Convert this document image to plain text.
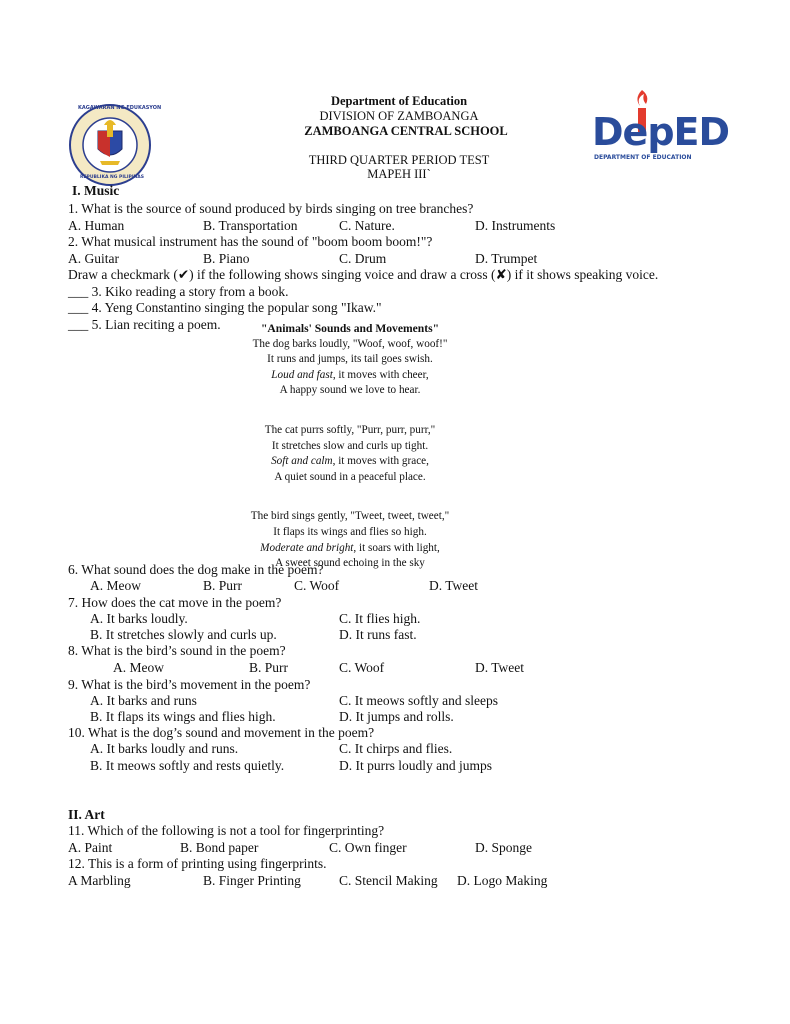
KAGAWARAN NG EDUKASYON
REPUBLIKA NG PILIPINAS
DepED
DEPARTMENT OF EDUCATION
Department of Education
DIVISION OF ZAMBOANGA
ZAMBOANGA CENTRAL SCHOOL
THIRD QUARTER PERIOD TEST
MAPEH III`
I. Music
1. What is the source of sound produced by birds singing on tree branches?
A. Human	B. Transportation	C. Nature.	D. Instruments
2. What musical instrument has the sound of "boom boom boom!"?
A. Guitar	B. Piano	C. Drum	D. Trumpet
Draw a checkmark (✔) if the following shows singing voice and draw a cross (✘) if it shows speaking voice.
___ 3. Kiko reading a story from a book.
___ 4. Yeng Constantino singing the popular song "Ikaw."
___ 5. Lian reciting a poem.	"Animals' Sounds and Movements"
The dog barks loudly, "Woof, woof, woof!"
It runs and jumps, its tail goes swish.
Loud and fast, it moves with cheer,
A happy sound we love to hear.
The cat purrs softly, "Purr, purr, purr,"
It stretches slow and curls up tight.
Soft and calm, it moves with grace,
A quiet sound in a peaceful place.
The bird sings gently, "Tweet, tweet, tweet,"
It flaps its wings and flies so high.
Moderate and bright, it soars with light,
A sweet sound echoing in the sky
6. What sound does the dog make in the poem?
A. Meow	B. Purr	C. Woof	D. Tweet
7. How does the cat move in the poem?
A. It barks loudly.	C. It flies high.
B. It stretches slowly and curls up.	D. It runs fast.
8. What is the bird’s sound in the poem?
A. Meow	B. Purr	C. Woof	D. Tweet
9. What is the bird’s movement in the poem?
A. It barks and runs	C. It meows softly and sleeps
B. It flaps its wings and flies high.	D. It jumps and rolls.
10. What is the dog’s sound and movement in the poem?
A. It barks loudly and runs.	C. It chirps and flies.
B. It meows softly and rests quietly.	D. It purrs loudly and jumps
II. Art
11. Which of the following is not a tool for fingerprinting?
A. Paint	B. Bond paper	C. Own finger	D. Sponge
12. This is a form of printing using fingerprints.
A Marbling	B. Finger Printing	C. Stencil Making D. Logo Making
